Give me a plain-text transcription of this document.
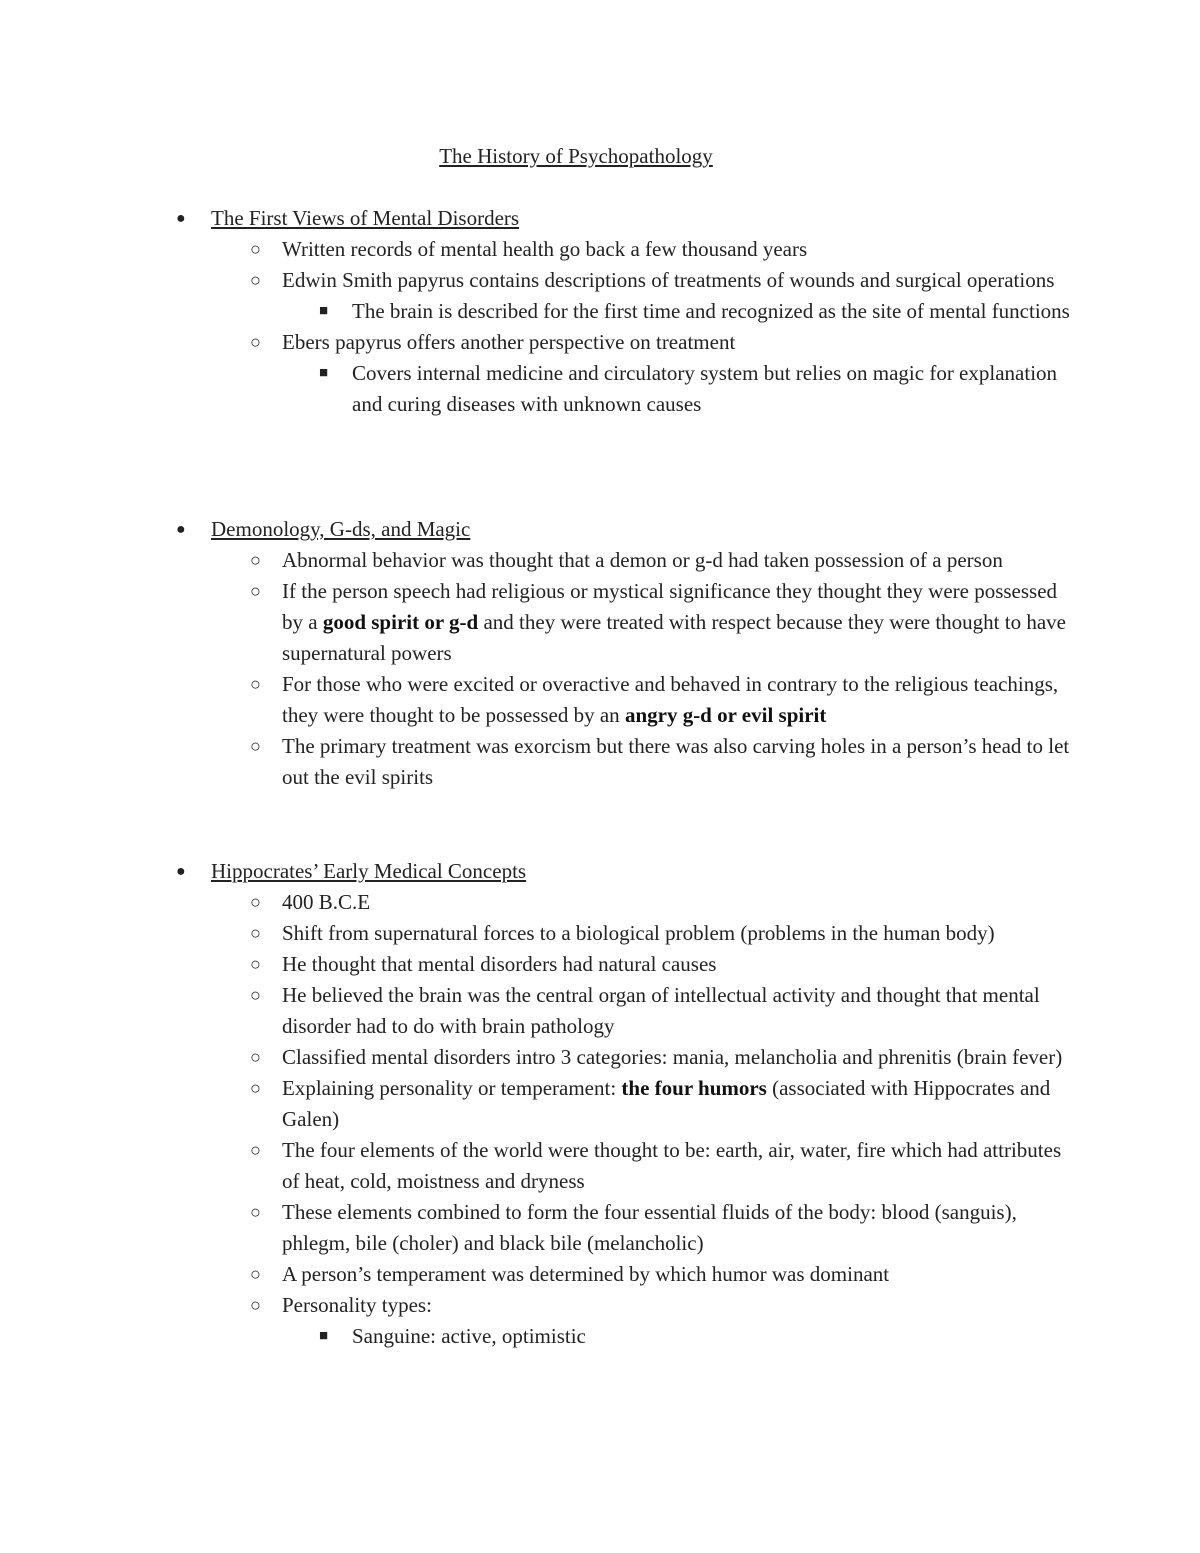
The History of Psychopathology
● The First Views of Mental Disorders
○ Written records of mental health go back a few thousand years
○ Edwin Smith papyrus contains descriptions of treatments of wounds and surgical operations
■ The brain is described for the first time and recognized as the site of mental functions
○ Ebers papyrus offers another perspective on treatment
■ Covers internal medicine and circulatory system but relies on magic for explanation and curing diseases with unknown causes
● Demonology, G-ds, and Magic
○ Abnormal behavior was thought that a demon or g-d had taken possession of a person
○ If the person speech had religious or mystical significance they thought they were possessed by a good spirit or g-d and they were treated with respect because they were thought to have supernatural powers
○ For those who were excited or overactive and behaved in contrary to the religious teachings, they were thought to be possessed by an angry g-d or evil spirit
○ The primary treatment was exorcism but there was also carving holes in a person’s head to let out the evil spirits
● Hippocrates’ Early Medical Concepts
○ 400 B.C.E
○ Shift from supernatural forces to a biological problem (problems in the human body)
○ He thought that mental disorders had natural causes
○ He believed the brain was the central organ of intellectual activity and thought that mental disorder had to do with brain pathology
○ Classified mental disorders intro 3 categories: mania, melancholia and phrenitis (brain fever)
○ Explaining personality or temperament: the four humors (associated with Hippocrates and Galen)
○ The four elements of the world were thought to be: earth, air, water, fire which had attributes of heat, cold, moistness and dryness
○ These elements combined to form the four essential fluids of the body: blood (sanguis), phlegm, bile (choler) and black bile (melancholic)
○ A person’s temperament was determined by which humor was dominant
○ Personality types:
■ Sanguine: active, optimistic
